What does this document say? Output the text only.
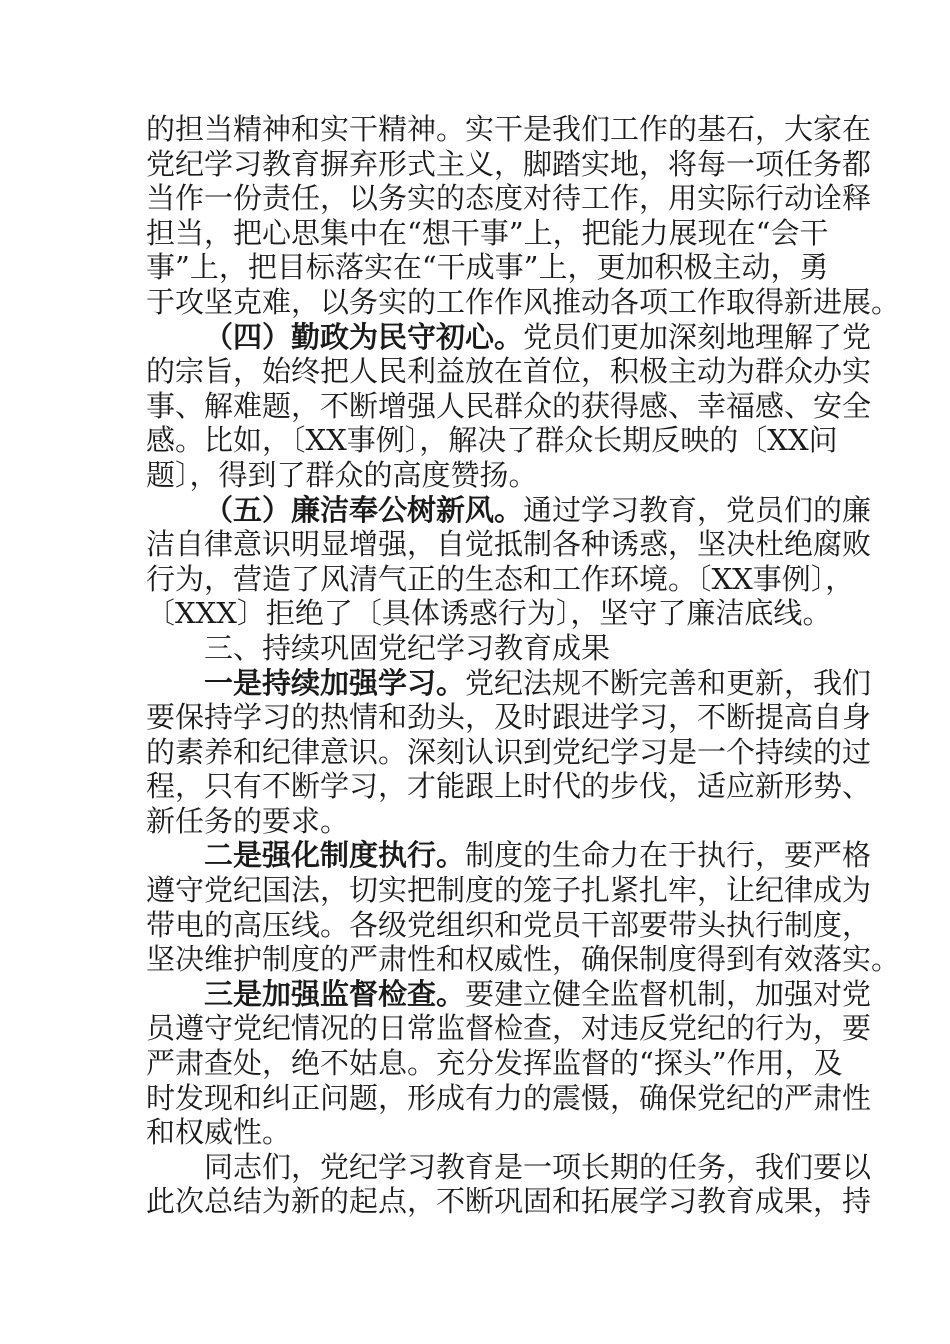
的担当精神和实干精神。实干是我们工作的基石，大家在
党纪学习教育摒弃形式主义，脚踏实地，将每一项任务都
当作一份责任，以务实的态度对待工作，用实际行动诠释
担当，把心思集中在“想干事”上，把能力展现在“会干
事”上，把目标落实在“干成事”上，更加积极主动，勇
于攻坚克难，以务实的工作作风推动各项工作取得新进展。
（四）勤政为民守初心。党员们更加深刻地理解了党
的宗旨，始终把人民利益放在首位，积极主动为群众办实
事、解难题，不断增强人民群众的获得感、幸福感、安全
感。比如，〔XX事例〕，解决了群众长期反映的〔XX问
题〕，得到了群众的高度赞扬。
（五）廉洁奉公树新风。通过学习教育，党员们的廉
洁自律意识明显增强，自觉抵制各种诱惑，坚决杜绝腐败
行为，营造了风清气正的生态和工作环境。〔XX事例〕，
〔XXX〕拒绝了〔具体诱惑行为〕，坚守了廉洁底线。
三、持续巩固党纪学习教育成果
一是持续加强学习。党纪法规不断完善和更新，我们
要保持学习的热情和劲头，及时跟进学习，不断提高自身
的素养和纪律意识。深刻认识到党纪学习是一个持续的过
程，只有不断学习，才能跟上时代的步伐，适应新形势、
新任务的要求。
二是强化制度执行。制度的生命力在于执行，要严格
遵守党纪国法，切实把制度的笼子扎紧扎牢，让纪律成为
带电的高压线。各级党组织和党员干部要带头执行制度，
坚决维护制度的严肃性和权威性，确保制度得到有效落实。
三是加强监督检查。要建立健全监督机制，加强对党
员遵守党纪情况的日常监督检查，对违反党纪的行为，要
严肃查处，绝不姑息。充分发挥监督的“探头”作用，及
时发现和纠正问题，形成有力的震慑，确保党纪的严肃性
和权威性。
同志们，党纪学习教育是一项长期的任务，我们要以
此次总结为新的起点，不断巩固和拓展学习教育成果，持
